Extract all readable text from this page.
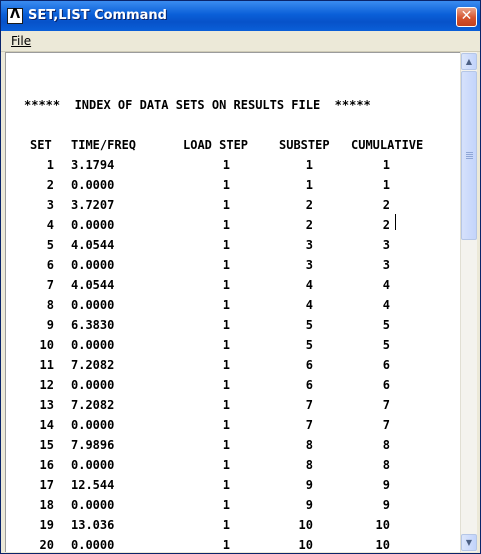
Λ SET,LIST Command	✕
File
*****  INDEX OF DATA SETS ON RESULTS FILE  *****
SET TIME/FREQ	LOAD STEP	SUBSTEP CUMULATIVE
1 3.1794	1	1	1
2 0.0000	1	1	1
3 3.7207	1	2	2
4 0.0000	1	2	2
5 4.0544	1	3	3
6 0.0000	1	3	3
7 4.0544	1	4	4
8 0.0000	1	4	4
9 6.3830	1	5	5
10 0.0000	1	5	5
11 7.2082	1	6	6
12 0.0000	1	6	6
13 7.2082	1	7	7
14 0.0000	1	7	7
15 7.9896	1	8	8
16 0.0000	1	8	8
17 12.544	1	9	9
18 0.0000	1	9	9
19 13.036	1	10	10
20 0.0000	1	10	10
▲
▼
